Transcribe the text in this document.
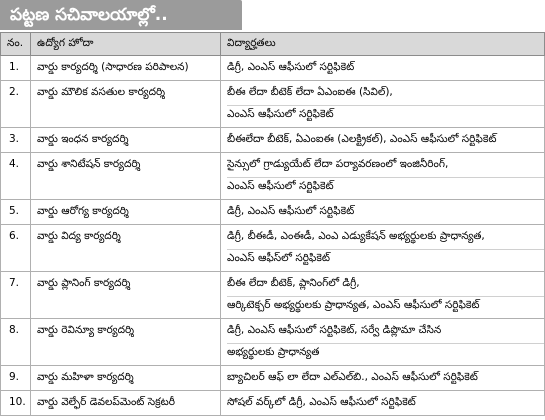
పట్టణ సచివాలయాల్లో..
నం.	ఉద్యోగ హోదా	విద్యార్హతలు

1.	వార్డు కార్యదర్శి (సాధారణ పరిపాలన)	డిగ్రీ, ఎంఎస్‌ ఆఫీసులో సర్టిఫికెట్‌

2.	వార్డు మౌలిక వసతుల కార్యదర్శి	బీఈ లేదా బీటెక్‌ లేదా ఏఎంఐఈ (సివిల్‌),
ఎంఎస్‌ ఆఫీసులో సర్టిఫికెట్‌

3.	వార్డు ఇంధన కార్యదర్శి	బీఈలేదా బీటెక్‌, ఏఎంఐఈ (ఎలక్ట్రికల్‌), ఎంఎస్‌ ఆఫీసులో సర్టిఫికెట్‌

4.	వార్డు శానిటేషన్‌ కార్యదర్శి	సైన్సులో గ్రాడ్యుయేట్‌ లేదా పర్యావరణంలో ఇంజినీరింగ్‌,
ఎంఎస్‌ ఆఫీసులో సర్టిఫికెట్‌

5.	వార్డు ఆరోగ్య కార్యదర్శి	డిగ్రీ, ఎంఎస్‌ ఆఫీసులో సర్టిఫికెట్‌

6.	వార్డు విద్య కార్యదర్శి	డిగ్రీ, బీఈడీ, ఎంఈడీ, ఎంఎ ఎడ్యుకేషన్‌ అభ్యర్థులకు ప్రాధాన్యత,
ఎంఎస్‌ ఆఫీస్‌లో సర్టిఫికెట్‌

7.	వార్డు ప్లానింగ్‌ కార్యదర్శి	బీఈ లేదా బీటెక్‌, ప్లానింగ్‌లో డిగ్రీ,
ఆర్కిటెక్చర్‌ అభ్యర్థులకు ప్రాధాన్యత, ఎంఎస్‌ ఆఫీసులో సర్టిఫికెట్‌

8.	వార్డు రెవిన్యూ కార్యదర్శి	డిగ్రీ, ఎంఎస్‌ ఆఫీసులో సర్టిఫికెట్‌, సర్వే డిప్లొమా చేసిన
అభ్యర్థులకు ప్రాధాన్యత

9.	వార్డు మహిళా కార్యదర్శి	బ్యాచిలర్‌ ఆఫ్‌ లా లేదా ఎల్‌ఎల్‌బి., ఎంఎస్‌ ఆఫీసులో సర్టిఫికెట్‌

10.	వార్డు వెల్ఫేర్‌ డెవలప్‌మెంట్‌ సెక్రటరీ	సోషల్‌ వర్క్‌లో డిగ్రీ, ఎంఎస్‌ ఆఫీసులో సర్టిఫికెట్‌
